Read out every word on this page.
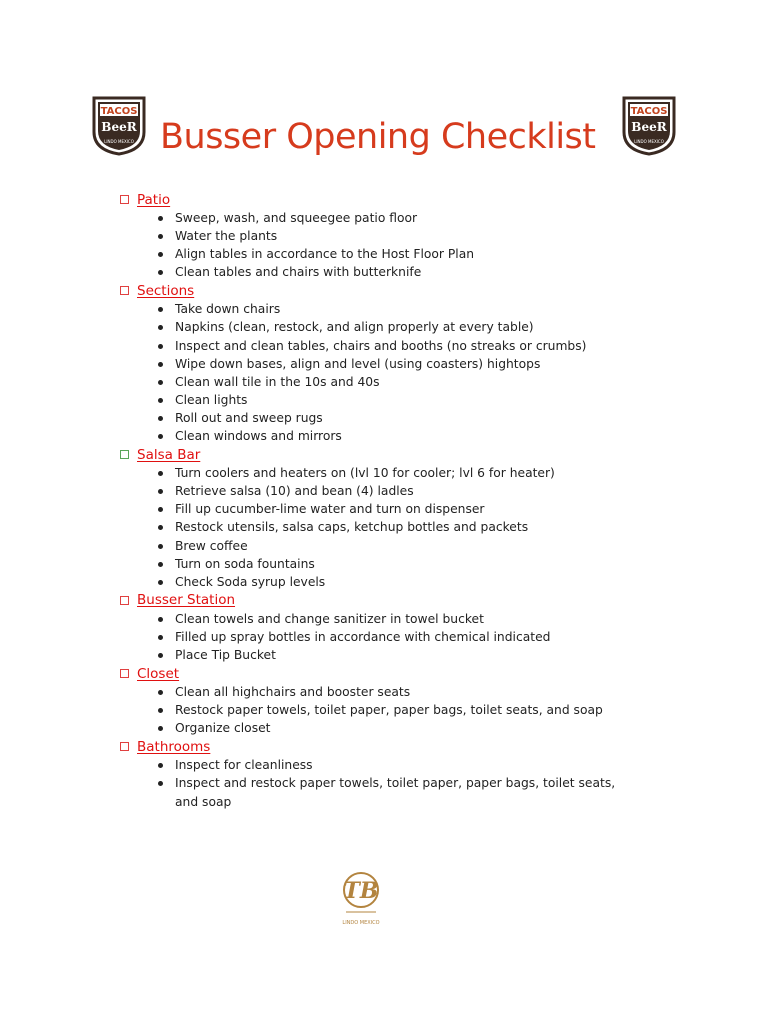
TACOS
BeeR
LINDO MEXICO
TACOS
BeeR
LINDO MEXICO
Busser Opening Checklist
Patio
Sweep, wash, and squeegee patio floor
Water the plants
Align tables in accordance to the Host Floor Plan
Clean tables and chairs with butterknife
Sections
Take down chairs
Napkins (clean, restock, and align properly at every table)
Inspect and clean tables, chairs and booths (no streaks or crumbs)
Wipe down bases, align and level (using coasters) hightops
Clean wall tile in the 10s and 40s
Clean lights
Roll out and sweep rugs
Clean windows and mirrors
Salsa Bar
Turn coolers and heaters on (lvl 10 for cooler; lvl 6 for heater)
Retrieve salsa (10) and bean (4) ladles
Fill up cucumber-lime water and turn on dispenser
Restock utensils, salsa caps, ketchup bottles and packets
Brew coffee
Turn on soda fountains
Check Soda syrup levels
Busser Station
Clean towels and change sanitizer in towel bucket
Filled up spray bottles in accordance with chemical indicated
Place Tip Bucket
Closet
Clean all highchairs and booster seats
Restock paper towels, toilet paper, paper bags, toilet seats, and soap
Organize closet
Bathrooms
Inspect for cleanliness
Inspect and restock paper towels, toilet paper, paper bags, toilet seats, and soap
TB
LINDO MEXICO
